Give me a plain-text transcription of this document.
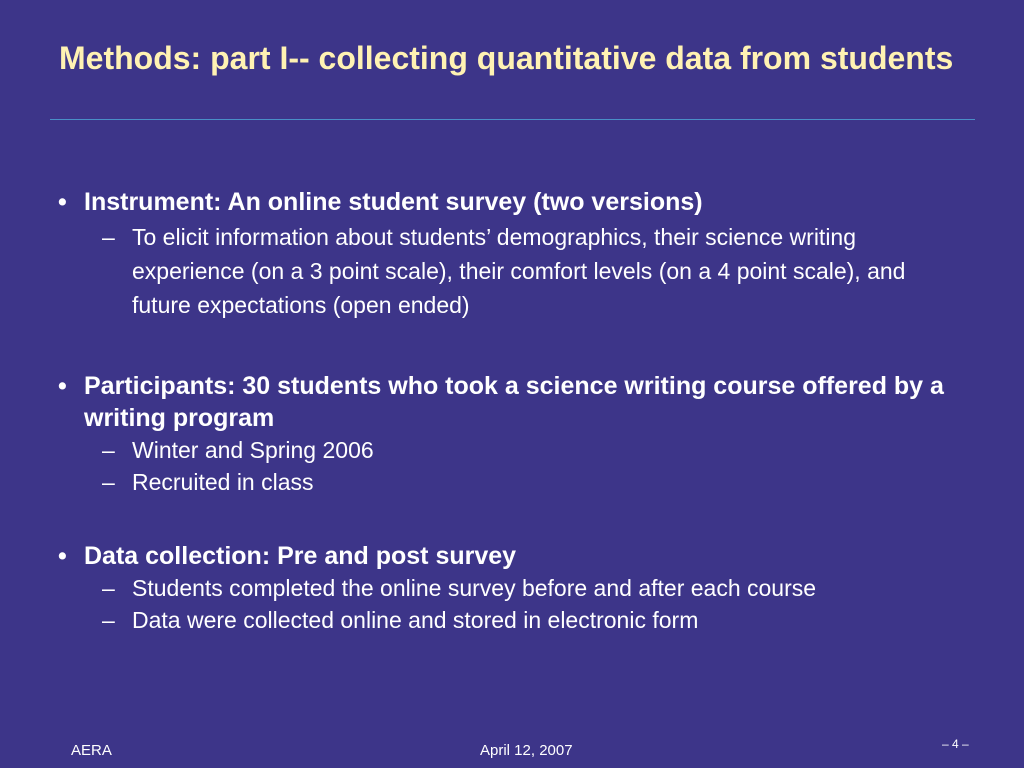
Methods: part I-- collecting quantitative data from students
• Instrument: An online student survey (two versions)
– To elicit information about students’ demographics, their science writing experience (on a 3 point scale), their comfort levels (on a 4 point scale), and future expectations (open ended)
• Participants: 30 students who took a science writing course offered by a writing program
– Winter and Spring 2006
– Recruited in class
• Data collection: Pre and post survey
– Students completed the online survey before and after each course
– Data were collected online and stored in electronic form
AERA	April 12, 2007	– 4 –
